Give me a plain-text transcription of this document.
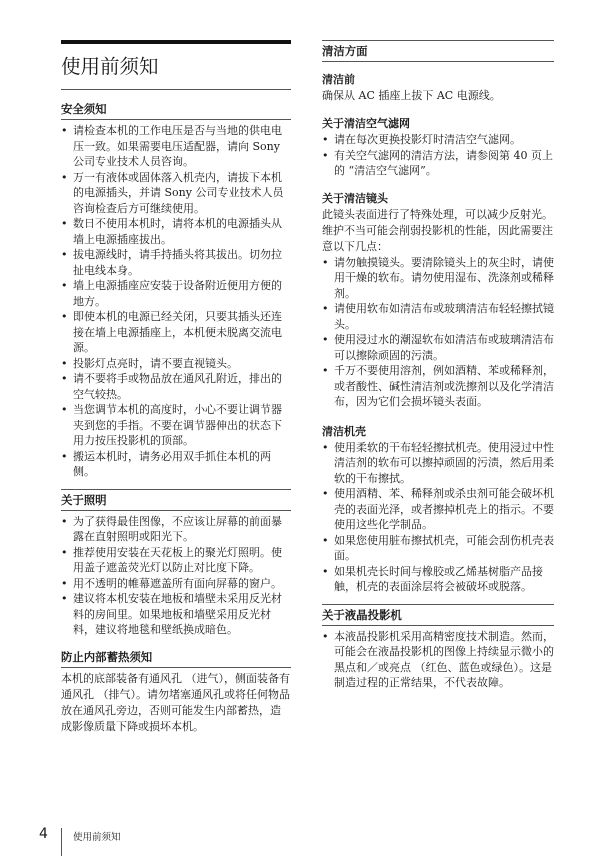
使用前须知
安全须知
• 请检查本机的工作电压是否与当地的供电电压一致。如果需要电压适配器，请向 Sony 公司专业技术人员咨询。
• 万一有液体或固体落入机壳内，请拔下本机的电源插头，并请 Sony 公司专业技术人员咨询检查后方可继续使用。
• 数日不使用本机时，请将本机的电源插头从墙上电源插座拔出。
• 拔电源线时，请手持插头将其拔出。切勿拉扯电线本身。
• 墙上电源插座应安装于设备附近便用方便的地方。
• 即使本机的电源已经关闭，只要其插头还连接在墙上电源插座上，本机便未脱离交流电源。
• 投影灯点亮时，请不要直视镜头。
• 请不要将手或物品放在通风孔附近，排出的空气较热。
• 当您调节本机的高度时，小心不要让调节器夹到您的手指。不要在调节器伸出的状态下用力按压投影机的顶部。
• 搬运本机时，请务必用双手抓住本机的两侧。
关于照明
• 为了获得最佳图像，不应该让屏幕的前面暴露在直射照明或阳光下。
• 推荐使用安装在天花板上的聚光灯照明。使用盖子遮盖荧光灯以防止对比度下降。
• 用不透明的帷幕遮盖所有面向屏幕的窗户。
• 建议将本机安装在地板和墙壁未采用反光材料的房间里。如果地板和墙壁采用反光材料，建议将地毯和壁纸换成暗色。
防止内部蓄热须知

本机的底部装备有通风孔 （进气），侧面装备有通风孔 （排气）。请勿堵塞通风孔或将任何物品放在通风孔旁边，否则可能发生内部蓄热，造成影像质量下降或损坏本机。

清洁方面
清洁前

确保从 AC 插座上拔下 AC 电源线。

关于清洁空气滤网
• 请在每次更换投影灯时清洁空气滤网。
• 有关空气滤网的清洁方法，请参阅第 40 页上的 “清洁空气滤网”。
关于清洁镜头

此镜头表面进行了特殊处理，可以减少反射光。

维护不当可能会削弱投影机的性能，因此需要注意以下几点：

• 请勿触摸镜头。要清除镜头上的灰尘时，请使用干燥的软布。请勿使用湿布、洗涤剂或稀释剂。
• 请使用软布如清洁布或玻璃清洁布轻轻擦拭镜头。
• 使用浸过水的潮湿软布如清洁布或玻璃清洁布可以擦除顽固的污渍。
• 千万不要使用溶剂，例如酒精、苯或稀释剂，或者酸性、碱性清洁剂或洗擦剂以及化学清洁布，因为它们会损坏镜头表面。
清洁机壳
• 使用柔软的干布轻轻擦拭机壳。使用浸过中性清洁剂的软布可以擦掉顽固的污渍，然后用柔软的干布擦拭。
• 使用酒精、苯、稀释剂或杀虫剂可能会破坏机壳的表面光泽，或者擦掉机壳上的指示。不要使用这些化学制品。
• 如果您使用脏布擦拭机壳，可能会刮伤机壳表面。
• 如果机壳长时间与橡胶或乙烯基树脂产品接触，机壳的表面涂层将会被破坏或脱落。
关于液晶投影机
• 本液晶投影机采用高精密度技术制造。然而，可能会在液晶投影机的图像上持续显示微小的黑点和／或亮点 （红色、蓝色或绿色）。这是制造过程的正常结果，不代表故障。
4	使用前须知
